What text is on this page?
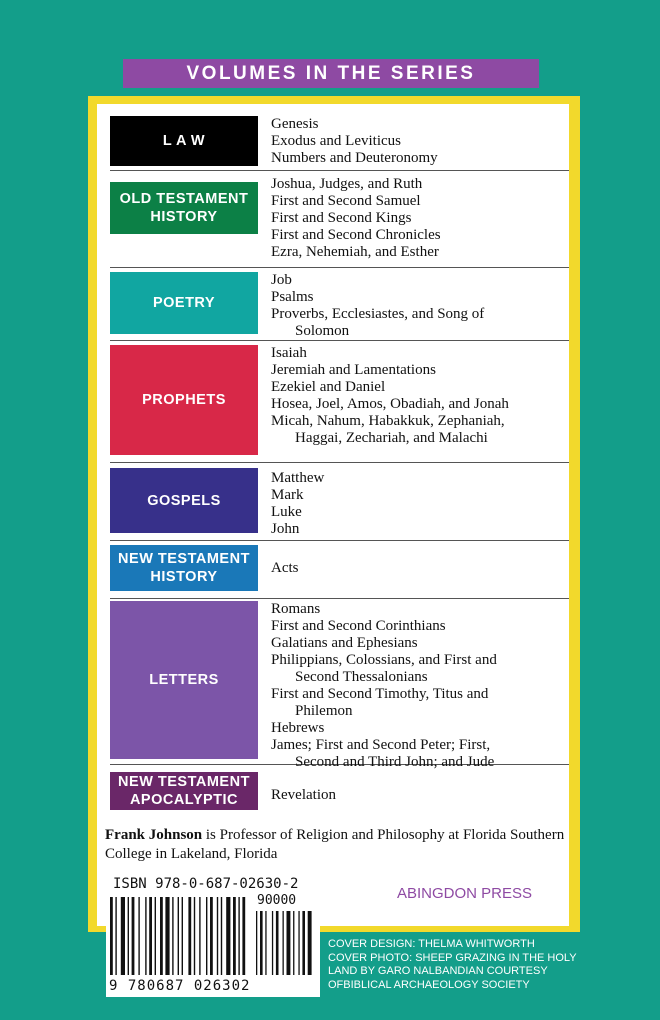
VOLUMES IN THE SERIES
L A W
Genesis
Exodus and Leviticus
Numbers and Deuteronomy
OLD TESTAMENT
HISTORY
Joshua, Judges, and Ruth
First and Second Samuel
First and Second Kings
First and Second Chronicles
Ezra, Nehemiah, and Esther
POETRY
Job
Psalms
Proverbs, Ecclesiastes, and Song of
Solomon
PROPHETS
Isaiah
Jeremiah and Lamentations
Ezekiel and Daniel
Hosea, Joel, Amos, Obadiah, and Jonah
Micah, Nahum, Habakkuk, Zephaniah,
Haggai, Zechariah, and Malachi
GOSPELS
Matthew
Mark
Luke
John
NEW TESTAMENT
HISTORY
Acts
LETTERS
Romans
First and Second Corinthians
Galatians and Ephesians
Philippians, Colossians, and First and
Second Thessalonians
First and Second Timothy, Titus and
Philemon
Hebrews
James; First and Second Peter; First,
Second and Third John; and Jude
NEW TESTAMENT
APOCALYPTIC	Revelation
Frank Johnson is Professor of Religion and Philosophy at Florida Southern College in Lakeland, Florida
ABINGDON PRESS
ISBN 978-0-687-02630-2
90000
9 780687 026302
COVER DESIGN: THELMA WHITWORTH
COVER PHOTO: SHEEP GRAZING IN THE HOLY
LAND BY GARO NALBANDIAN COURTESY
OFBIBLICAL ARCHAEOLOGY SOCIETY
